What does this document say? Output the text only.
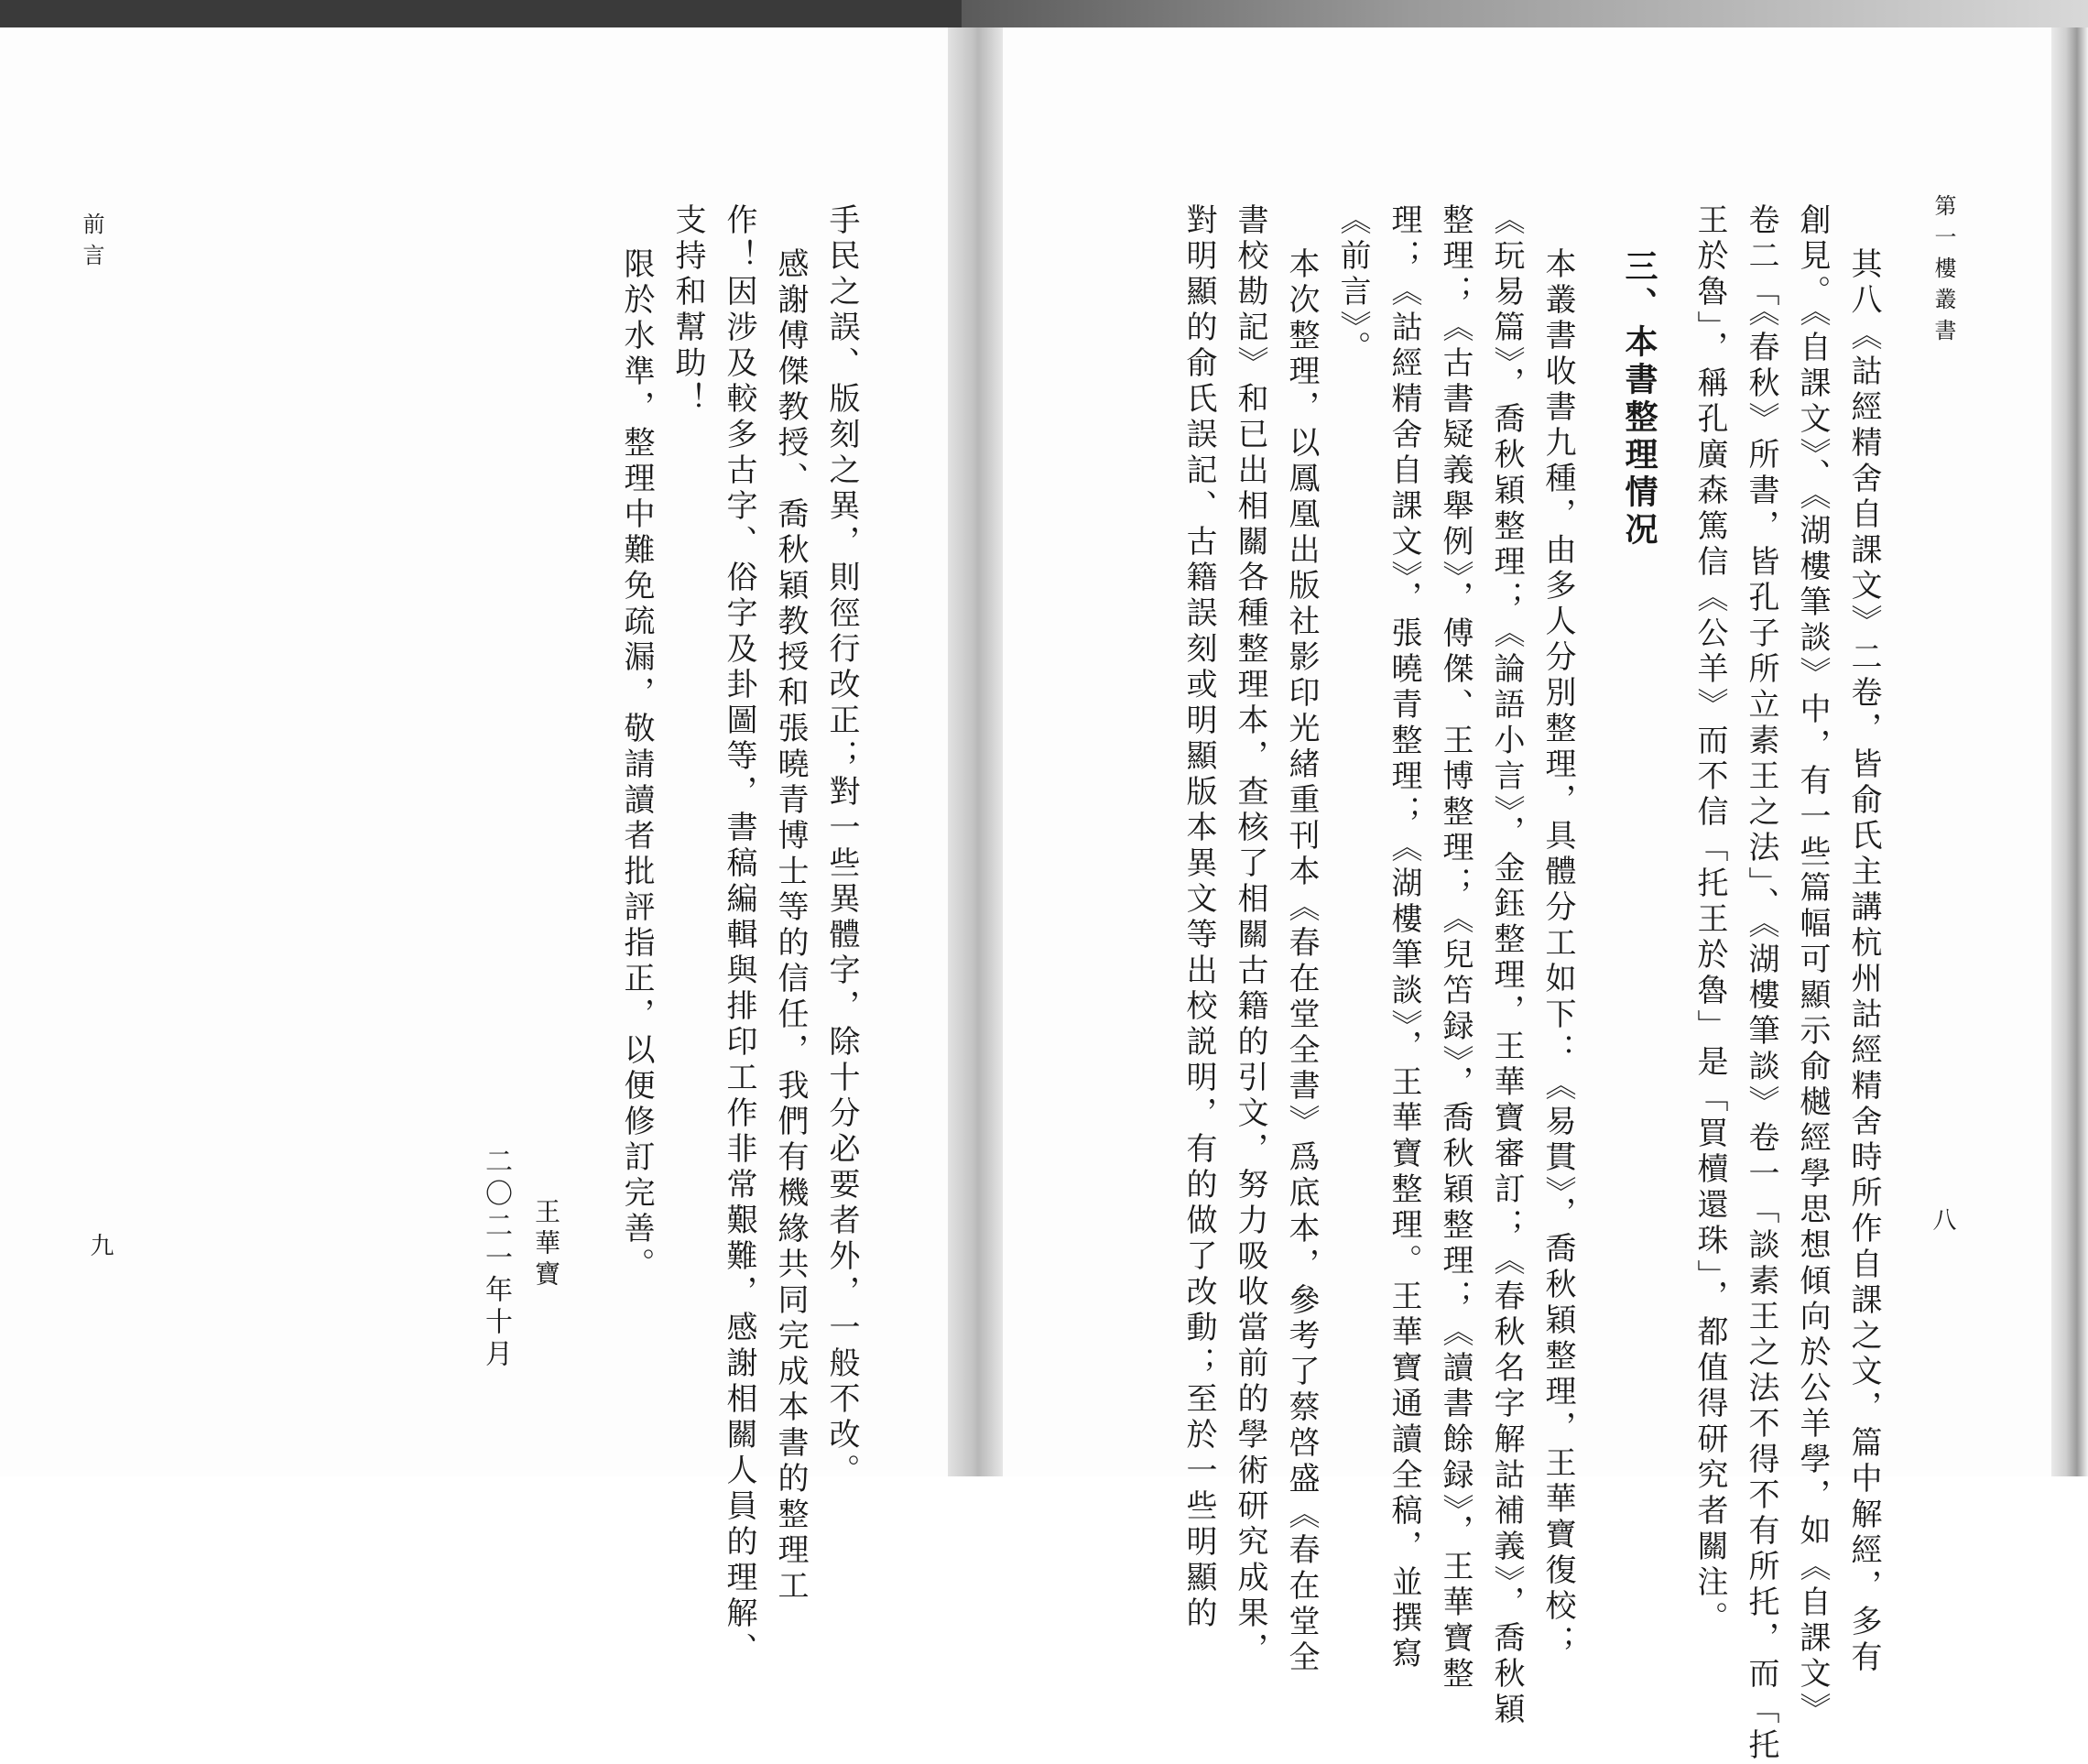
前言
九	手民之誤、版刻之異，則徑行改正；對一些異體字，除十分必要者外，一般不改。
感謝傅傑教授、喬秋穎教授和張曉青博士等的信任，我們有機緣共同完成本書的整理工
作！因涉及較多古字、俗字及卦圖等，書稿編輯與排印工作非常艱難，感謝相關人員的理解、
支持和幫助！
限於水準，整理中難免疏漏，敬請讀者批評指正，以便修訂完善。
王華寶
二〇二一年十月
第一樓叢書
八
其八《詁經精舍自課文》二卷，皆俞氏主講杭州詁經精舍時所作自課之文，篇中解經，多有
創見。《自課文》、《湖樓筆談》中，有一些篇幅可顯示俞樾經學思想傾向於公羊學，如《自課文》
卷二「《春秋》所書，皆孔子所立素王之法」、《湖樓筆談》卷一「談素王之法不得不有所托，而「托
王於魯」，稱孔廣森篤信《公羊》而不信「托王於魯」是「買櫝還珠」，都值得研究者關注。
三、本書整理情况
本叢書收書九種，由多人分別整理，具體分工如下：《易貫》，喬秋穎整理，王華寶復校；
《玩易篇》，喬秋穎整理；《論語小言》，金鈺整理，王華寶審訂；《春秋名字解詁補義》，喬秋穎
整理；《古書疑義舉例》，傅傑、王博整理；《兒笘録》，喬秋穎整理；《讀書餘録》，王華寶整
理；《詁經精舍自課文》，張曉青整理；《湖樓筆談》，王華寶整理。王華寶通讀全稿，並撰寫
《前言》。
本次整理，以鳳凰出版社影印光緒重刊本《春在堂全書》爲底本，參考了蔡啓盛《春在堂全
書校勘記》和已出相關各種整理本，查核了相關古籍的引文，努力吸收當前的學術研究成果，
對明顯的俞氏誤記、古籍誤刻或明顯版本異文等出校説明，有的做了改動；至於一些明顯的
